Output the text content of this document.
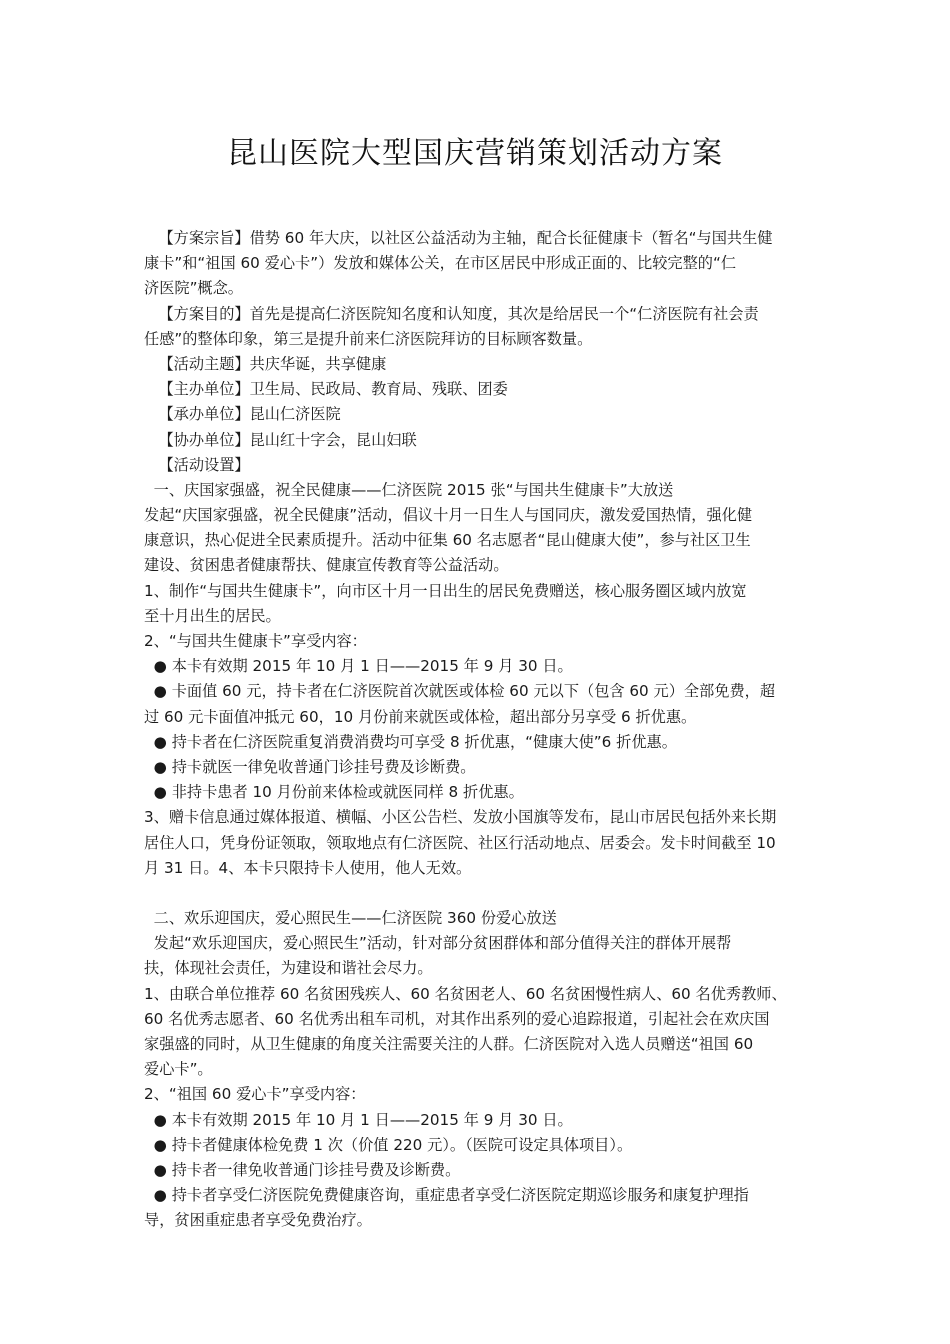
昆山医院大型国庆营销策划活动方案
【方案宗旨】借势 60 年大庆，以社区公益活动为主轴，配合长征健康卡（暂名“与国共生健
康卡”和“祖国 60 爱心卡”）发放和媒体公关，在市区居民中形成正面的、比较完整的“仁
济医院”概念。
【方案目的】首先是提高仁济医院知名度和认知度，其次是给居民一个“仁济医院有社会责
任感”的整体印象，第三是提升前来仁济医院拜访的目标顾客数量。
【活动主题】共庆华诞，共享健康
【主办单位】卫生局、民政局、教育局、残联、团委
【承办单位】昆山仁济医院
【协办单位】昆山红十字会，昆山妇联
【活动设置】
一、庆国家强盛，祝全民健康——仁济医院 2015 张“与国共生健康卡”大放送
发起“庆国家强盛，祝全民健康”活动，倡议十月一日生人与国同庆，激发爱国热情，强化健
康意识，热心促进全民素质提升。活动中征集 60 名志愿者“昆山健康大使”，参与社区卫生
建设、贫困患者健康帮扶、健康宣传教育等公益活动。
1、制作“与国共生健康卡”，向市区十月一日出生的居民免费赠送，核心服务圈区域内放宽
至十月出生的居民。
2、“与国共生健康卡”享受内容：
● 本卡有效期 2015 年 10 月 1 日——2015 年 9 月 30 日。
● 卡面值 60 元，持卡者在仁济医院首次就医或体检 60 元以下（包含 60 元）全部免费，超
过 60 元卡面值冲抵元 60，10 月份前来就医或体检，超出部分另享受 6 折优惠。
● 持卡者在仁济医院重复消费消费均可享受 8 折优惠，“健康大使”6 折优惠。
● 持卡就医一律免收普通门诊挂号费及诊断费。
● 非持卡患者 10 月份前来体检或就医同样 8 折优惠。
3、赠卡信息通过媒体报道、横幅、小区公告栏、发放小国旗等发布，昆山市居民包括外来长期
居住人口，凭身份证领取，领取地点有仁济医院、社区行活动地点、居委会。发卡时间截至 10
月 31 日。4、本卡只限持卡人使用，他人无效。
二、欢乐迎国庆，爱心照民生——仁济医院 360 份爱心放送
发起“欢乐迎国庆，爱心照民生”活动，针对部分贫困群体和部分值得关注的群体开展帮
扶，体现社会责任，为建设和谐社会尽力。
1、由联合单位推荐 60 名贫困残疾人、60 名贫困老人、60 名贫困慢性病人、60 名优秀教师、
60 名优秀志愿者、60 名优秀出租车司机，对其作出系列的爱心追踪报道，引起社会在欢庆国
家强盛的同时，从卫生健康的角度关注需要关注的人群。仁济医院对入选人员赠送“祖国 60
爱心卡”。
2、“祖国 60 爱心卡”享受内容：
● 本卡有效期 2015 年 10 月 1 日——2015 年 9 月 30 日。
● 持卡者健康体检免费 1 次（价值 220 元）。（医院可设定具体项目）。
● 持卡者一律免收普通门诊挂号费及诊断费。
● 持卡者享受仁济医院免费健康咨询，重症患者享受仁济医院定期巡诊服务和康复护理指
导，贫困重症患者享受免费治疗。
